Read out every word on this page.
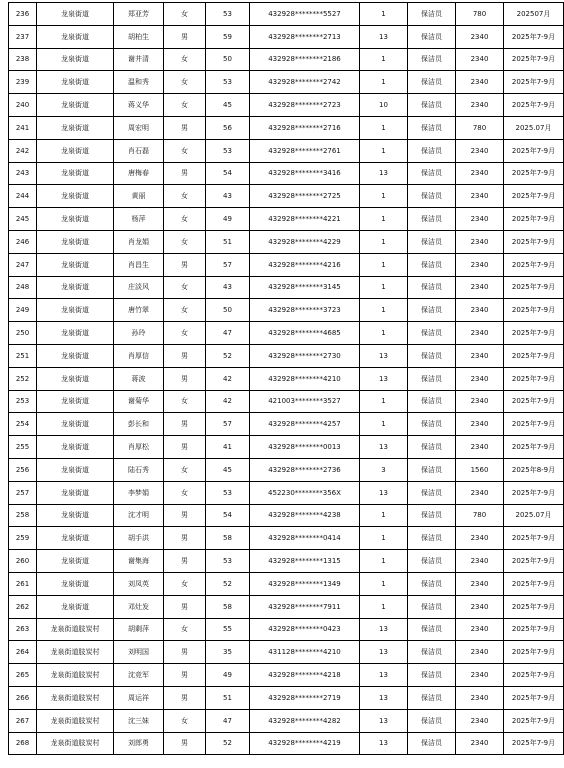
236	龙泉街道	郑亚芳	女	53	432928********5527	1	保洁员	780	202507月
237	龙泉街道	胡柏生	男	59	432928********2713	13	保洁员	2340	2025年7-9月
238	龙泉街道	谢井清	女	50	432928********2186	1	保洁员	2340	2025年7-9月
239	龙泉街道	温和秀	女	53	432928********2742	1	保洁员	2340	2025年7-9月
240	龙泉街道	蒋义华	女	45	432928********2723	10	保洁员	2340	2025年7-9月
241	龙泉街道	周宏明	男	56	432928********2716	1	保洁员	780	2025.07月
242	龙泉街道	肖石磊	女	53	432928********2761	1	保洁员	2340	2025年7-9月
243	龙泉街道	唐梅春	男	54	432928********3416	13	保洁员	2340	2025年7-9月
244	龙泉街道	黄丽	女	43	432928********2725	1	保洁员	2340	2025年7-9月
245	龙泉街道	杨萍	女	49	432928********4221	1	保洁员	2340	2025年7-9月
246	龙泉街道	肖龙娟	女	51	432928********4229	1	保洁员	2340	2025年7-9月
247	龙泉街道	肖昌生	男	57	432928********4216	1	保洁员	2340	2025年7-9月
248	龙泉街道	庄淡风	女	43	432928********3145	1	保洁员	2340	2025年7-9月
249	龙泉街道	唐竹翠	女	50	432928********3723	1	保洁员	2340	2025年7-9月
250	龙泉街道	孙玲	女	47	432928********4685	1	保洁员	2340	2025年7-9月
251	龙泉街道	肖厚信	男	52	432928********2730	13	保洁员	2340	2025年7-9月
252	龙泉街道	蒋波	男	42	432928********4210	13	保洁员	2340	2025年7-9月
253	龙泉街道	谢菊华	女	42	421003********3527	1	保洁员	2340	2025年7-9月
254	龙泉街道	彭长和	男	57	432928********4257	1	保洁员	2340	2025年7-9月
255	龙泉街道	肖厚松	男	41	432928********0013	13	保洁员	2340	2025年7-9月
256	龙泉街道	陆石秀	女	45	432928********2736	3	保洁员	1560	2025年8-9月
257	龙泉街道	李梦娟	女	53	452230********356X	13	保洁员	2340	2025年7-9月
258	龙泉街道	沈才明	男	54	432928********4238	1	保洁员	780	2025.07月
259	龙泉街道	胡手洪	男	58	432928********0414	1	保洁员	2340	2025年7-9月
260	龙泉街道	谢集海	男	53	432928********1315	1	保洁员	2340	2025年7-9月
261	龙泉街道	刘凤英	女	52	432928********1349	1	保洁员	2340	2025年7-9月
262	龙泉街道	邓灶发	男	58	432928********7911	1	保洁员	2340	2025年7-9月
263	龙泉街道肢炭村	胡剩萍	女	55	432928********0423	13	保洁员	2340	2025年7-9月
264	龙泉街道肢炭村	刘明国	男	35	431128********4210	13	保洁员	2340	2025年7-9月
265	龙泉街道肢炭村	沈竞军	男	49	432928********4218	13	保洁员	2340	2025年7-9月
266	龙泉街道肢炭村	周运祥	男	51	432928********2719	13	保洁员	2340	2025年7-9月
267	龙泉街道肢炭村	沈三妹	女	47	432928********4282	13	保洁员	2340	2025年7-9月
268	龙泉街道肢炭村	刘郎勇	男	52	432928********4219	13	保洁员	2340	2025年7-9月
